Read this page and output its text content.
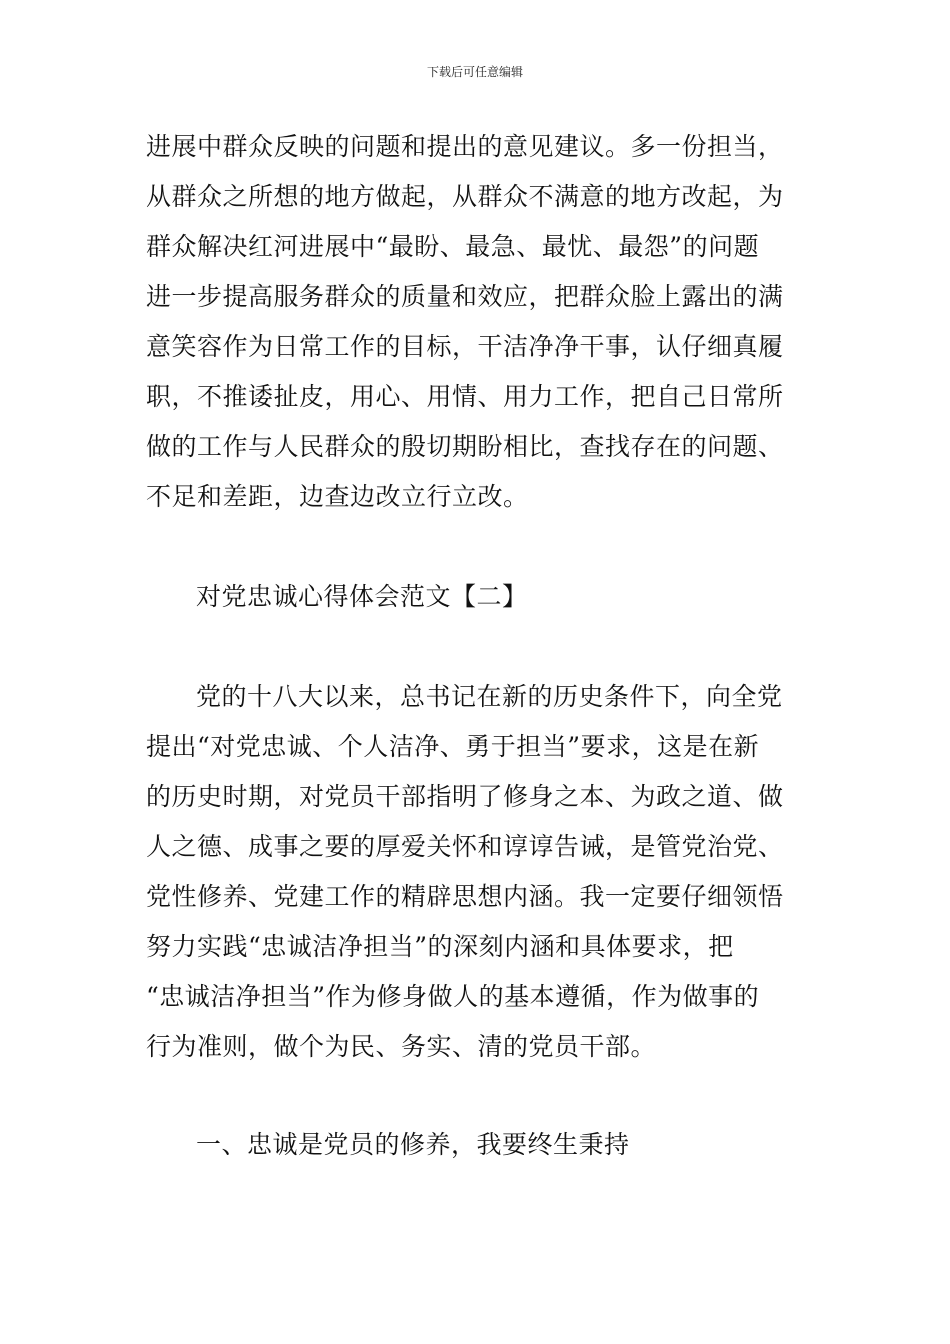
下载后可任意编辑
进展中群众反映的问题和提出的意见建议。多一份担当，
从群众之所想的地方做起，从群众不满意的地方改起，为
群众解决红河进展中“最盼、最急、最忧、最怨”的问题
进一步提高服务群众的质量和效应，把群众脸上露出的满
意笑容作为日常工作的目标，干洁净净干事，认仔细真履
职，不推诿扯皮，用心、用情、用力工作，把自己日常所
做的工作与人民群众的殷切期盼相比，查找存在的问题、
不足和差距，边查边改立行立改。
对党忠诚心得体会范文【二】
党的十八大以来，总书记在新的历史条件下，向全党
提出“对党忠诚、个人洁净、勇于担当”要求，这是在新
的历史时期，对党员干部指明了修身之本、为政之道、做
人之德、成事之要的厚爱关怀和谆谆告诫，是管党治党、
党性修养、党建工作的精辟思想内涵。我一定要仔细领悟
努力实践“忠诚洁净担当”的深刻内涵和具体要求，把
“忠诚洁净担当”作为修身做人的基本遵循，作为做事的
行为准则，做个为民、务实、清的党员干部。
一、忠诚是党员的修养，我要终生秉持
